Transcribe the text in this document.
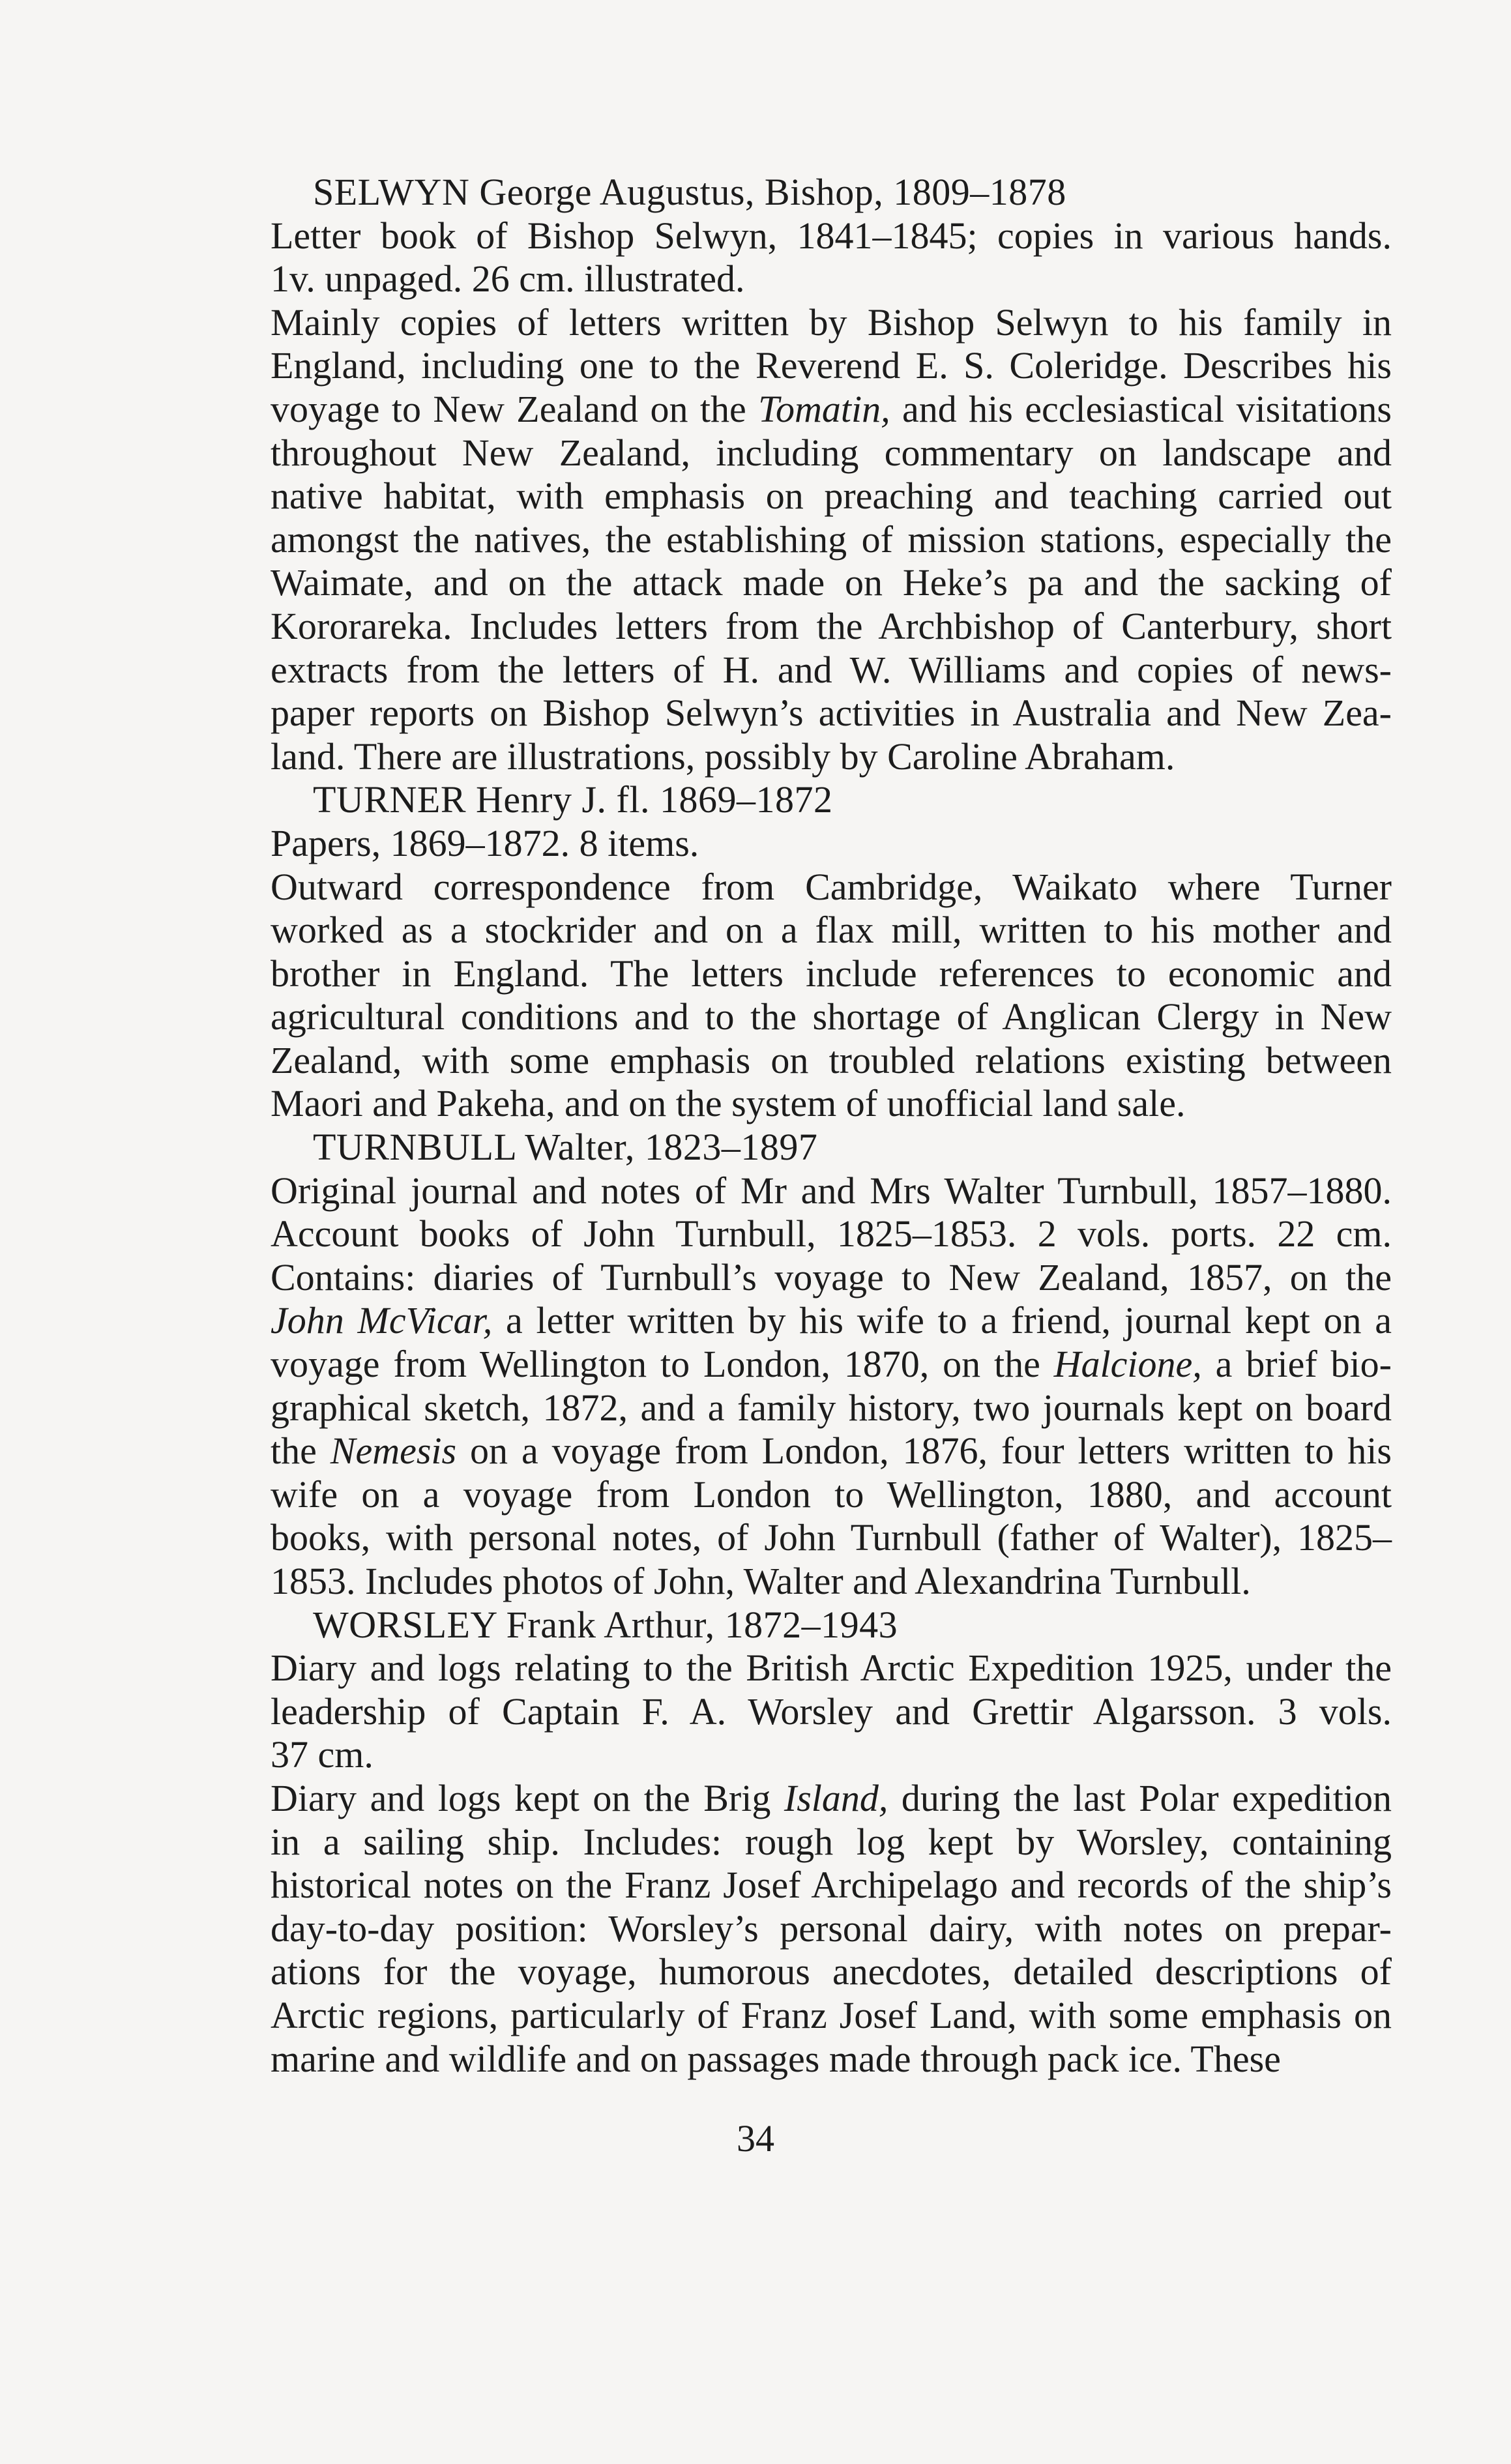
SELWYN George Augustus, Bishop, 1809–1878
Letter book of Bishop Selwyn, 1841–1845; copies in various hands.
1v. unpaged. 26 cm. illustrated.
Mainly copies of letters written by Bishop Selwyn to his family in
England, including one to the Reverend E. S. Coleridge. Describes his
voyage to New Zealand on the Tomatin, and his ecclesiastical visitations
throughout New Zealand, including commentary on landscape and
native habitat, with emphasis on preaching and teaching carried out
amongst the natives, the establishing of mission stations, especially the
Waimate, and on the attack made on Heke’s pa and the sacking of
Kororareka. Includes letters from the Archbishop of Canterbury, short
extracts from the letters of H. and W. Williams and copies of news-
paper reports on Bishop Selwyn’s activities in Australia and New Zea-
land. There are illustrations, possibly by Caroline Abraham.
TURNER Henry J. fl. 1869–1872
Papers, 1869–1872. 8 items.
Outward correspondence from Cambridge, Waikato where Turner
worked as a stockrider and on a flax mill, written to his mother and
brother in England. The letters include references to economic and
agricultural conditions and to the shortage of Anglican Clergy in New
Zealand, with some emphasis on troubled relations existing between
Maori and Pakeha, and on the system of unofficial land sale.
TURNBULL Walter, 1823–1897
Original journal and notes of Mr and Mrs Walter Turnbull, 1857–1880.
Account books of John Turnbull, 1825–1853. 2 vols. ports. 22 cm.
Contains: diaries of Turnbull’s voyage to New Zealand, 1857, on the
John McVicar, a letter written by his wife to a friend, journal kept on a
voyage from Wellington to London, 1870, on the Halcione, a brief bio-
graphical sketch, 1872, and a family history, two journals kept on board
the Nemesis on a voyage from London, 1876, four letters written to his
wife on a voyage from London to Wellington, 1880, and account
books, with personal notes, of John Turnbull (father of Walter), 1825–
1853. Includes photos of John, Walter and Alexandrina Turnbull.
WORSLEY Frank Arthur, 1872–1943
Diary and logs relating to the British Arctic Expedition 1925, under the
leadership of Captain F. A. Worsley and Grettir Algarsson. 3 vols.
37 cm.
Diary and logs kept on the Brig Island, during the last Polar expedition
in a sailing ship. Includes: rough log kept by Worsley, containing
historical notes on the Franz Josef Archipelago and records of the ship’s
day-to-day position: Worsley’s personal dairy, with notes on prepar-
ations for the voyage, humorous anecdotes, detailed descriptions of
Arctic regions, particularly of Franz Josef Land, with some emphasis on
marine and wildlife and on passages made through pack ice. These
34
